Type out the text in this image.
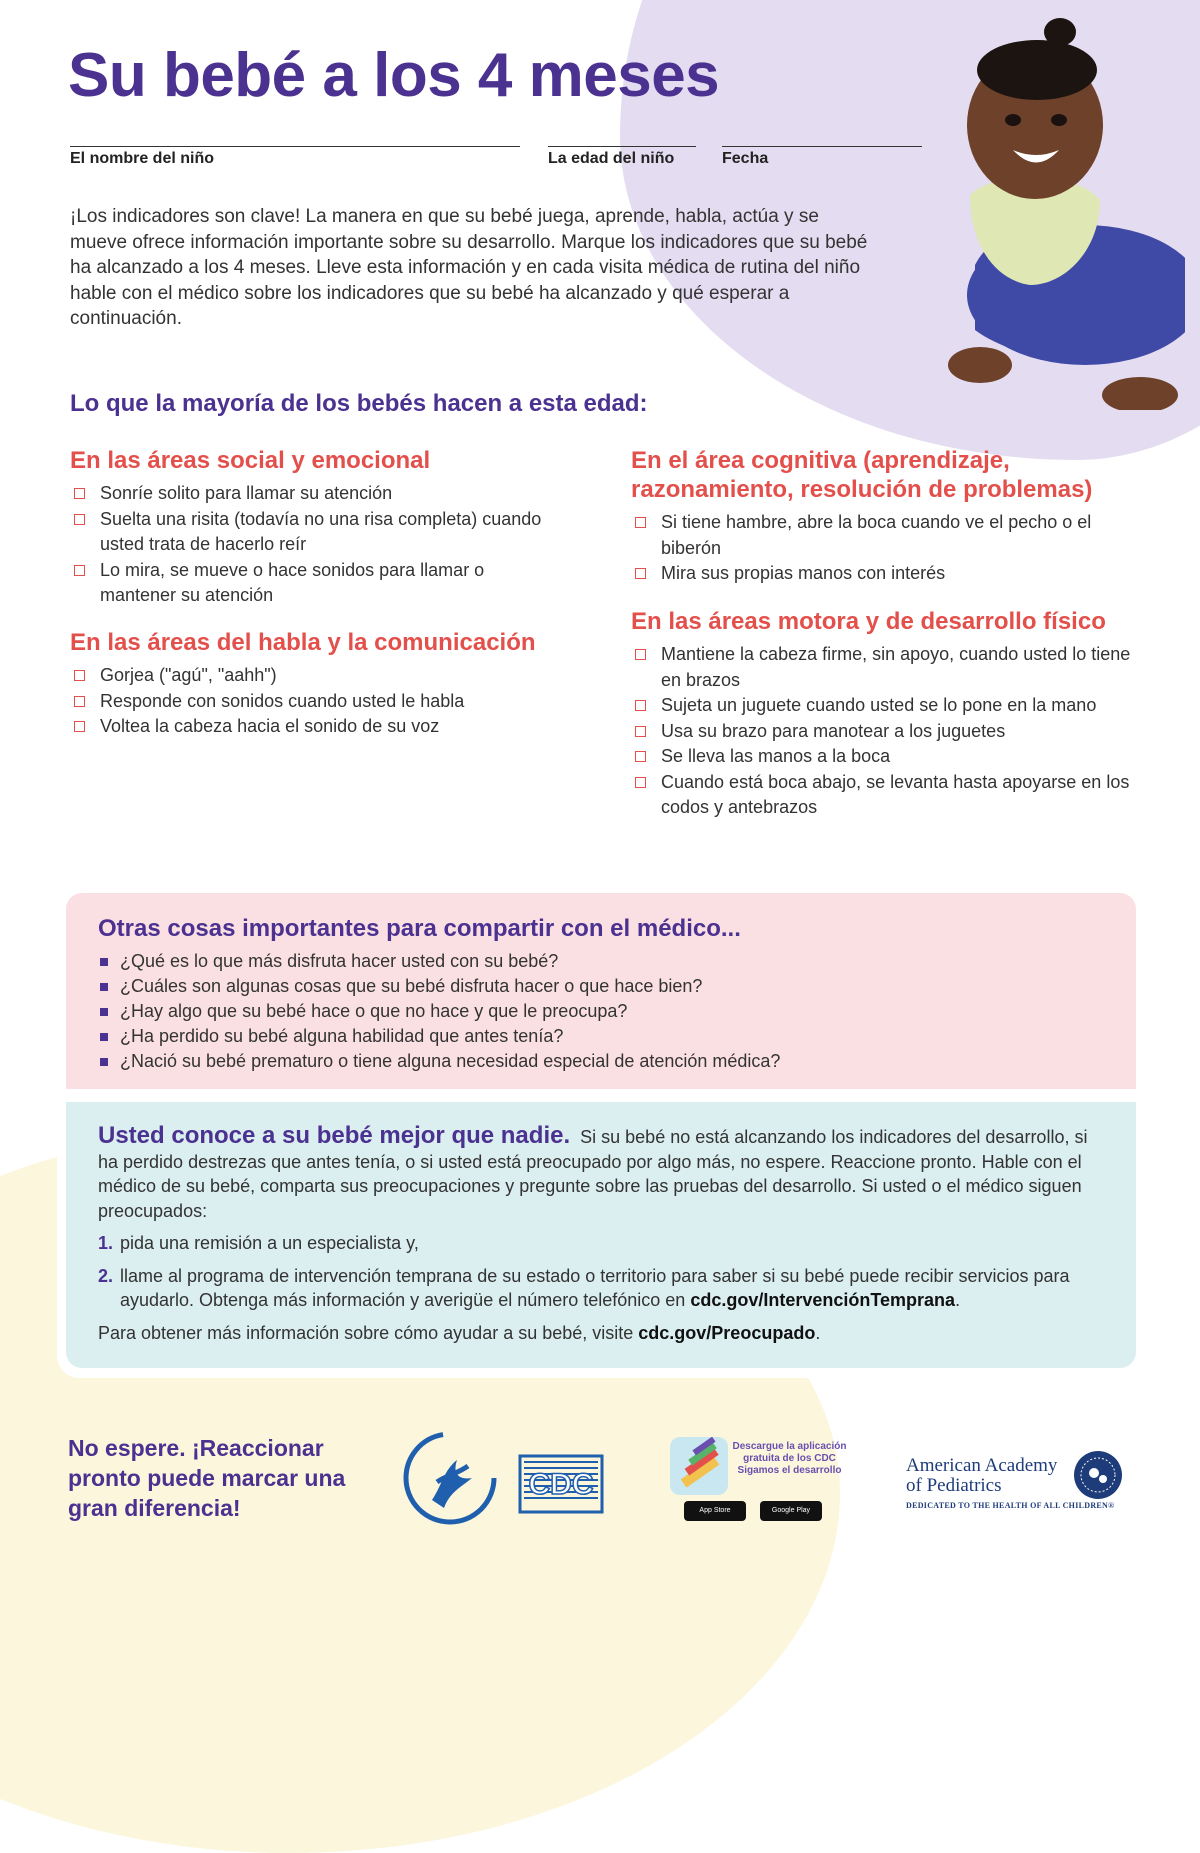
Su bebé a los 4 meses
El nombre del niño	La edad del niño	Fecha

¡Los indicadores son clave! La manera en que su bebé juega, aprende, habla, actúa y se mueve ofrece información importante sobre su desarrollo. Marque los indicadores que su bebé ha alcanzado a los 4 meses. Lleve esta información y en cada visita médica de rutina del niño hable con el médico sobre los indicadores que su bebé ha alcanzado y qué esperar a continuación.

Lo que la mayoría de los bebés hacen a esta edad:
En las áreas social y emocional
Sonríe solito para llamar su atención
Suelta una risita (todavía no una risa completa) cuando usted trata de hacerlo reír
Lo mira, se mueve o hace sonidos para llamar o mantener su atención
En las áreas del habla y la comunicación
Gorjea ("agú", "aahh")
Responde con sonidos cuando usted le habla
Voltea la cabeza hacia el sonido de su voz
En el área cognitiva (aprendizaje, razonamiento, resolución de problemas)
Si tiene hambre, abre la boca cuando ve el pecho o el biberón
Mira sus propias manos con interés
En las áreas motora y de desarrollo físico
Mantiene la cabeza firme, sin apoyo, cuando usted lo tiene en brazos
Sujeta un juguete cuando usted se lo pone en la mano
Usa su brazo para manotear a los juguetes
Se lleva las manos a la boca
Cuando está boca abajo, se levanta hasta apoyarse en los codos y antebrazos
Otras cosas importantes para compartir con el médico...
¿Qué es lo que más disfruta hacer usted con su bebé?
¿Cuáles son algunas cosas que su bebé disfruta hacer o que hace bien?
¿Hay algo que su bebé hace o que no hace y que le preocupa?
¿Ha perdido su bebé alguna habilidad que antes tenía?
¿Nació su bebé prematuro o tiene alguna necesidad especial de atención médica?

Usted conoce a su bebé mejor que nadie. Si su bebé no está alcanzando los indicadores del desarrollo, si ha perdido destrezas que antes tenía, o si usted está preocupado por algo más, no espere. Reaccione pronto. Hable con el médico de su bebé, comparta sus preocupaciones y pregunte sobre las pruebas del desarrollo. Si usted o el médico siguen preocupados:

1. pida una remisión a un especialista y,
2. llame al programa de intervención temprana de su estado o territorio para saber si su bebé puede recibir servicios para ayudarlo. Obtenga más información y averigüe el número telefónico en cdc.gov/IntervenciónTemprana.

Para obtener más información sobre cómo ayudar a su bebé, visite cdc.gov/Preocupado.

No espere. ¡Reaccionar pronto puede marcar una gran diferencia!

CDC
Descargue la aplicación gratuita de los CDC Sigamos el desarrollo
App Store	Google Play

American Academy of Pediatrics

DEDICATED TO THE HEALTH OF ALL CHILDREN®
